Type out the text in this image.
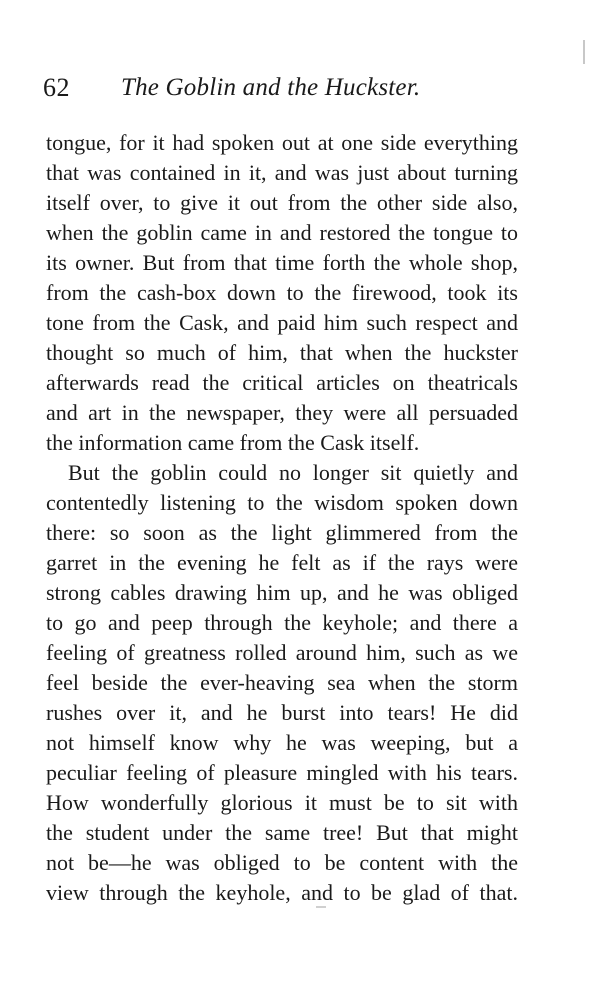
62 The Goblin and the Huckster.
tongue, for it had spoken out at one side everything
that was contained in it, and was just about turning
itself over, to give it out from the other side also,
when the goblin came in and restored the tongue to
its owner. But from that time forth the whole shop,
from the cash-box down to the firewood, took its
tone from the Cask, and paid him such respect and
thought so much of him, that when the huckster
afterwards read the critical articles on theatricals
and art in the newspaper, they were all persuaded
the information came from the Cask itself.
But the goblin could no longer sit quietly and
contentedly listening to the wisdom spoken down
there: so soon as the light glimmered from the
garret in the evening he felt as if the rays were
strong cables drawing him up, and he was obliged
to go and peep through the keyhole; and there a
feeling of greatness rolled around him, such as we
feel beside the ever-heaving sea when the storm
rushes over it, and he burst into tears! He did
not himself know why he was weeping, but a
peculiar feeling of pleasure mingled with his tears.
How wonderfully glorious it must be to sit with
the student under the same tree! But that might
not be—he was obliged to be content with the
view through the keyhole, and to be glad of that.
